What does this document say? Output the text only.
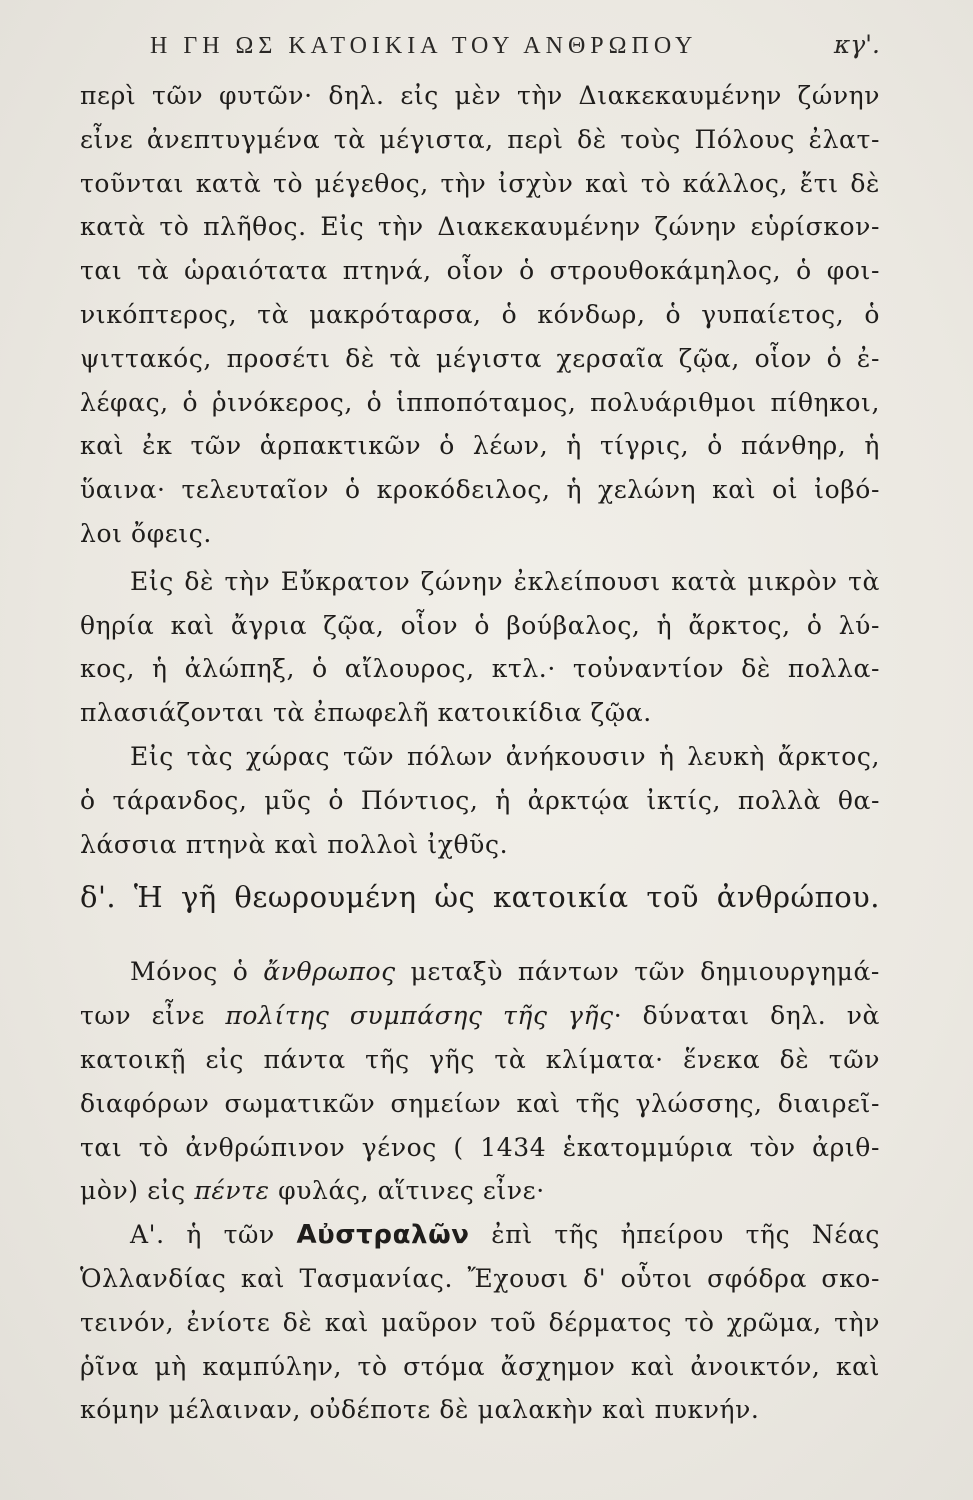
Η ΓΗ ΩΣ ΚΑΤΟΙΚΙΑ ΤΟΥ ΑΝΘΡΩΠΟΥ	κγ'.
περὶ τῶν φυτῶν· δηλ. εἰς μὲν τὴν Διακεκαυμένην ζώνην
εἶνε ἀνεπτυγμένα τὰ μέγιστα, περὶ δὲ τοὺς Πόλους ἐλατ-
τοῦνται κατὰ τὸ μέγεθος, τὴν ἰσχὺν καὶ τὸ κάλλος, ἔτι δὲ
κατὰ τὸ πλῆθος. Εἰς τὴν Διακεκαυμένην ζώνην εὑρίσκον-
ται τὰ ὡραιότατα πτηνά, οἷον ὁ στρουθοκάμηλος, ὁ φοι-
νικόπτερος, τὰ μακρόταρσα, ὁ κόνδωρ, ὁ γυπαίετος, ὁ
ψιττακός, προσέτι δὲ τὰ μέγιστα χερσαῖα ζῷα, οἷον ὁ ἐ-
λέφας, ὁ ῥινόκερος, ὁ ἱπποπόταμος, πολυάριθμοι πίθηκοι,
καὶ ἐκ τῶν ἁρπακτικῶν ὁ λέων, ἡ τίγρις, ὁ πάνθηρ, ἡ
ὕαινα· τελευταῖον ὁ κροκόδειλος, ἡ χελώνη καὶ οἱ ἰοβό-
λοι ὄφεις.
Εἰς δὲ τὴν Εὔκρατον ζώνην ἐκλείπουσι κατὰ μικρὸν τὰ
θηρία καὶ ἄγρια ζῷα, οἷον ὁ βούβαλος, ἡ ἄρκτος, ὁ λύ-
κος, ἡ ἀλώπηξ, ὁ αἴλουρος, κτλ.· τοὐναντίον δὲ πολλα-
πλασιάζονται τὰ ἐπωφελῆ κατοικίδια ζῷα.
Εἰς τὰς χώρας τῶν πόλων ἀνήκουσιν ἡ λευκὴ ἄρκτος,
ὁ τάρανδος, μῦς ὁ Πόντιος, ἡ ἀρκτῴα ἰκτίς, πολλὰ θα-
λάσσια πτηνὰ καὶ πολλοὶ ἰχθῦς.
δ'. Ἡ γῆ θεωρουμένη ὡς κατοικία τοῦ ἀνθρώπου.
Μόνος ὁ ἄνθρωπος μεταξὺ πάντων τῶν δημιουργημά-
των εἶνε πολίτης συμπάσης τῆς γῆς· δύναται δηλ. νὰ
κατοικῇ εἰς πάντα τῆς γῆς τὰ κλίματα· ἕνεκα δὲ τῶν
διαφόρων σωματικῶν σημείων καὶ τῆς γλώσσης, διαιρεῖ-
ται τὸ ἀνθρώπινον γένος ( 1434 ἑκατομμύρια τὸν ἀριθ-
μὸν) εἰς πέντε φυλάς, αἵτινες εἶνε·
Α'. ἡ τῶν Αὐστραλῶν ἐπὶ τῆς ἠπείρου τῆς Νέας
Ὁλλανδίας καὶ Τασμανίας. Ἔχουσι δ' οὗτοι σφόδρα σκο-
τεινόν, ἐνίοτε δὲ καὶ μαῦρον τοῦ δέρματος τὸ χρῶμα, τὴν
ῥῖνα μὴ καμπύλην, τὸ στόμα ἄσχημον καὶ ἀνοικτόν, καὶ
κόμην μέλαιναν, οὐδέποτε δὲ μαλακὴν καὶ πυκνήν.
